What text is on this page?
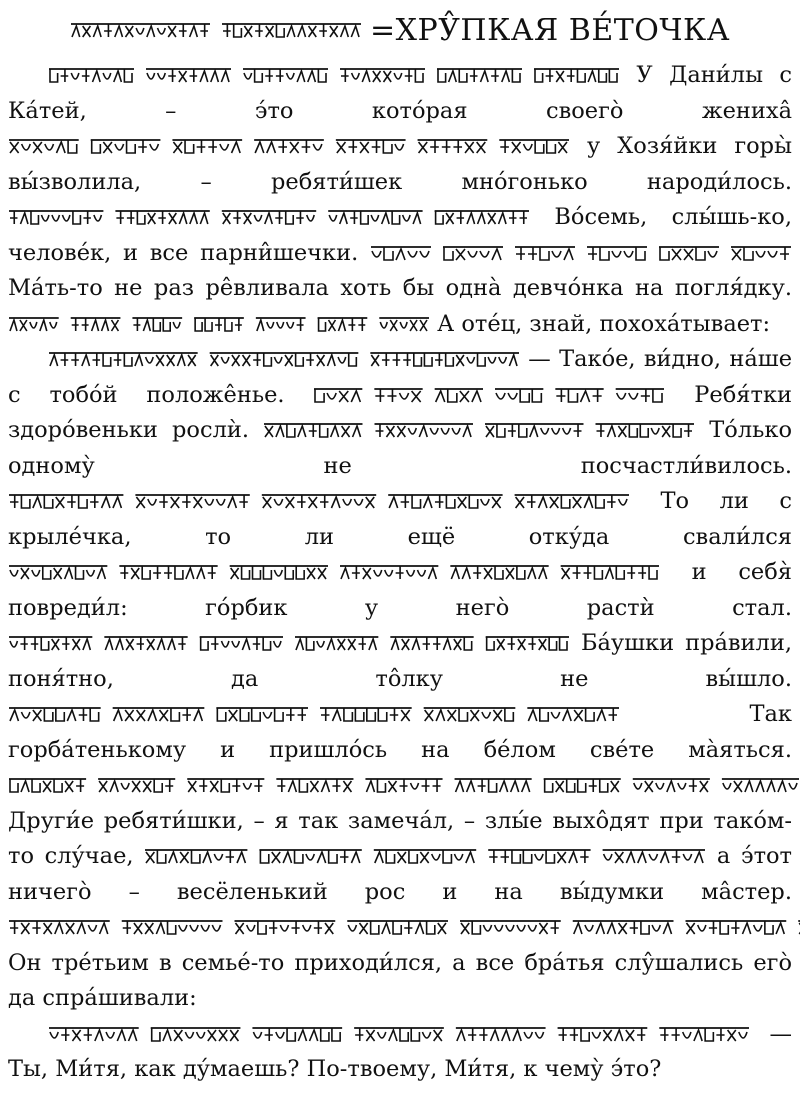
=ХРУ̂ПКАЯ ВЕ́ТОЧКА

У Дани́лы с Ка́тей, – э́то кото́рая своего̀ жениха̂  у Хозя́йки горы̀ вы́зволила, – ребяти́шек мно́гонько народи́лось.  Во́семь, слы́шь-ко, челове́к, и все парни̂шечки.  Ма́ть-то не раз ре̂вливала хоть бы одна̀ девчо́нка на погля́дку.  А оте́ц, знай, похоха́тывает:

— Тако́е, ви́дно, на́ше с тобо́й положе̂нье.	Ребя́тки здоро́веньки рослѝ.	То́лько одному̀ не посчастли́вилось.  То ли с крыле́чка, то ли ещё отку́да свали́лся  и себя̀ повреди́л: го́рбик у него̀ растѝ стал.  Ба́ушки пра́вили, поня́тно, да то̂лку не вы́шло.  Так горба́тенькому и пришло́сь на бе́лом све́те ма̀яться.  Други́е ребяти́шки, – я так замеча́л, – злы́е выхо̂дят при тако́м-то слу́чае,	а э́тот ничего̀ – весёленький рос и на вы́думки ма̂стер.  Он тре́тьим в семье́-то приходи́лся, а все бра́тья слу̂шались его̀ да спра́шивали:

— Ты, Ми́тя, как ду́маешь? По-твоему, Ми́тя, к чему̀ э́то?
